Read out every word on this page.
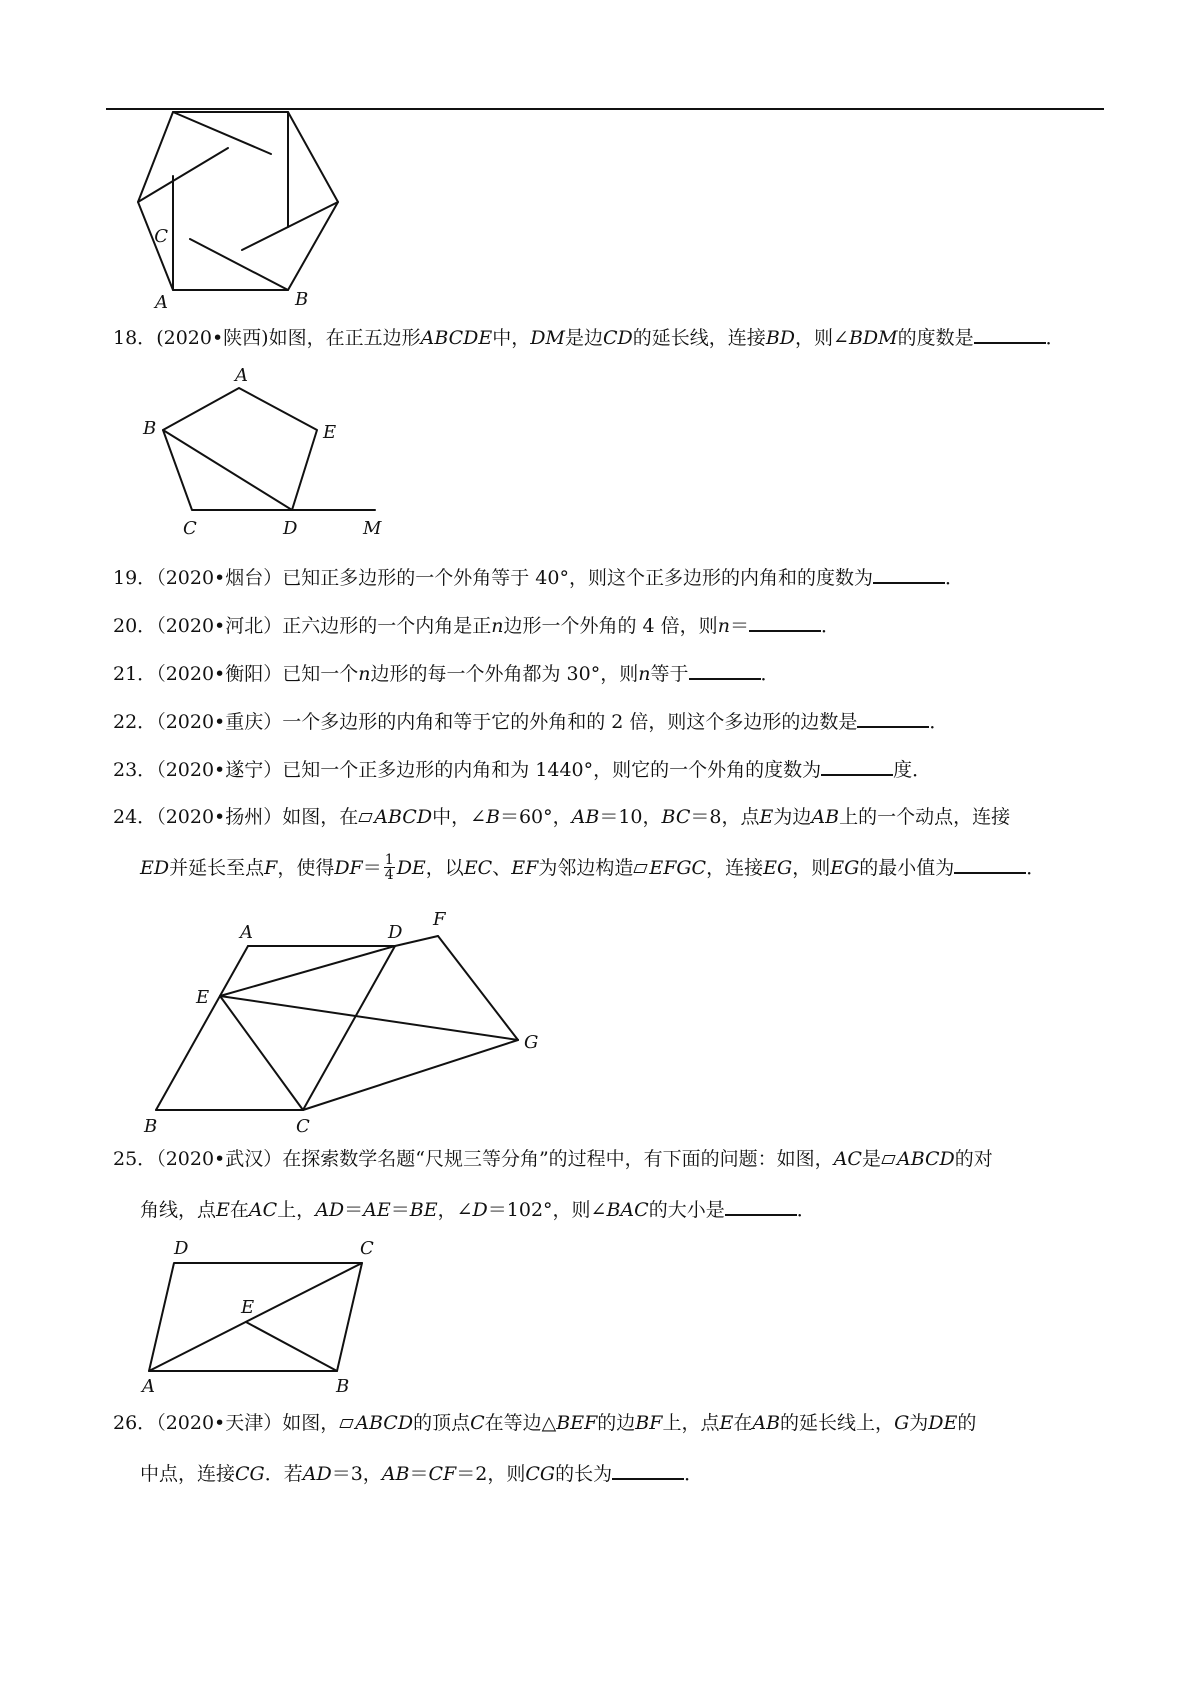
C
A	B
18．(2020•陕西)如图，在正五边形ABCDE中，DM是边CD的延长线，连接BD，则∠BDM的度数是	．
A
B	E
C	D	M
19．（2020•烟台）已知正多边形的一个外角等于 40°，则这个正多边形的内角和的度数为	．
20．（2020•河北）正六边形的一个内角是正n边形一个外角的 4 倍，则n＝	．
21．（2020•衡阳）已知一个n边形的每一个外角都为 30°，则n等于	．
22．（2020•重庆）一个多边形的内角和等于它的外角和的 2 倍，则这个多边形的边数是	．
23．（2020•遂宁）已知一个正多边形的内角和为 1440°，则它的一个外角的度数为	度．
24．（2020•扬州）如图，在 ABCD中，∠B＝60°，AB＝10，BC＝8，点E为边AB上的一个动点，连接
ED并延长至点F，使得$DF= \frac{1}{4}$ DE，以EC、EF为邻边构造 EFGC，连接EG，则EG的最小值为	．
A	D
F
E
G
B	C
25．（2020•武汉）在探索数学名题“尺规三等分角”的过程中，有下面的问题：如图，AC是 ABCD的对
角线，点E在AC上，AD＝AE＝BE，∠D＝102°，则∠BAC的大小是	．
D	C
E
A	B
26．（2020•天津）如图， ABCD的顶点C在等边△BEF的边BF上，点E在AB的延长线上，G为DE的
中点，连接CG．若AD＝3，AB＝CF＝2，则CG的长为	．
